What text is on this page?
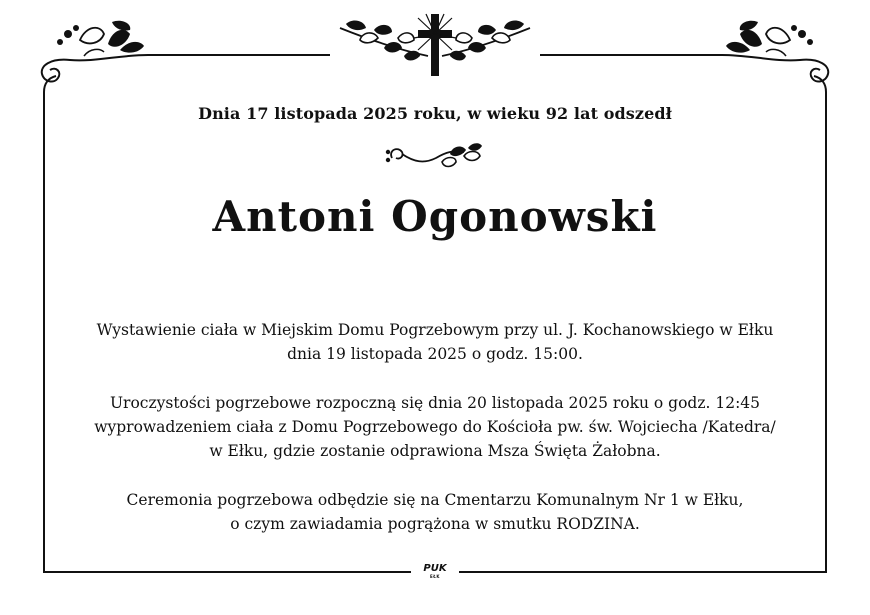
Dnia 17 listopada 2025 roku, w wieku 92 lat odszedł
Antoni Ogonowski

Wystawienie ciała w Miejskim Domu Pogrzebowym przy ul. J. Kochanowskiego w Ełku
dnia 19 listopada 2025 o godz. 15:00.

Uroczystości pogrzebowe rozpoczną się dnia 20 listopada 2025 roku o godz. 12:45
wyprowadzeniem ciała z Domu Pogrzebowego do Kościoła pw. św. Wojciecha /Katedra/
w Ełku, gdzie zostanie odprawiona Msza Święta Żałobna.

Ceremonia pogrzebowa odbędzie się na Cmentarzu Komunalnym Nr 1 w Ełku,
o czym zawiadamia pogrążona w smutku RODZINA.

PUK
EŁK
